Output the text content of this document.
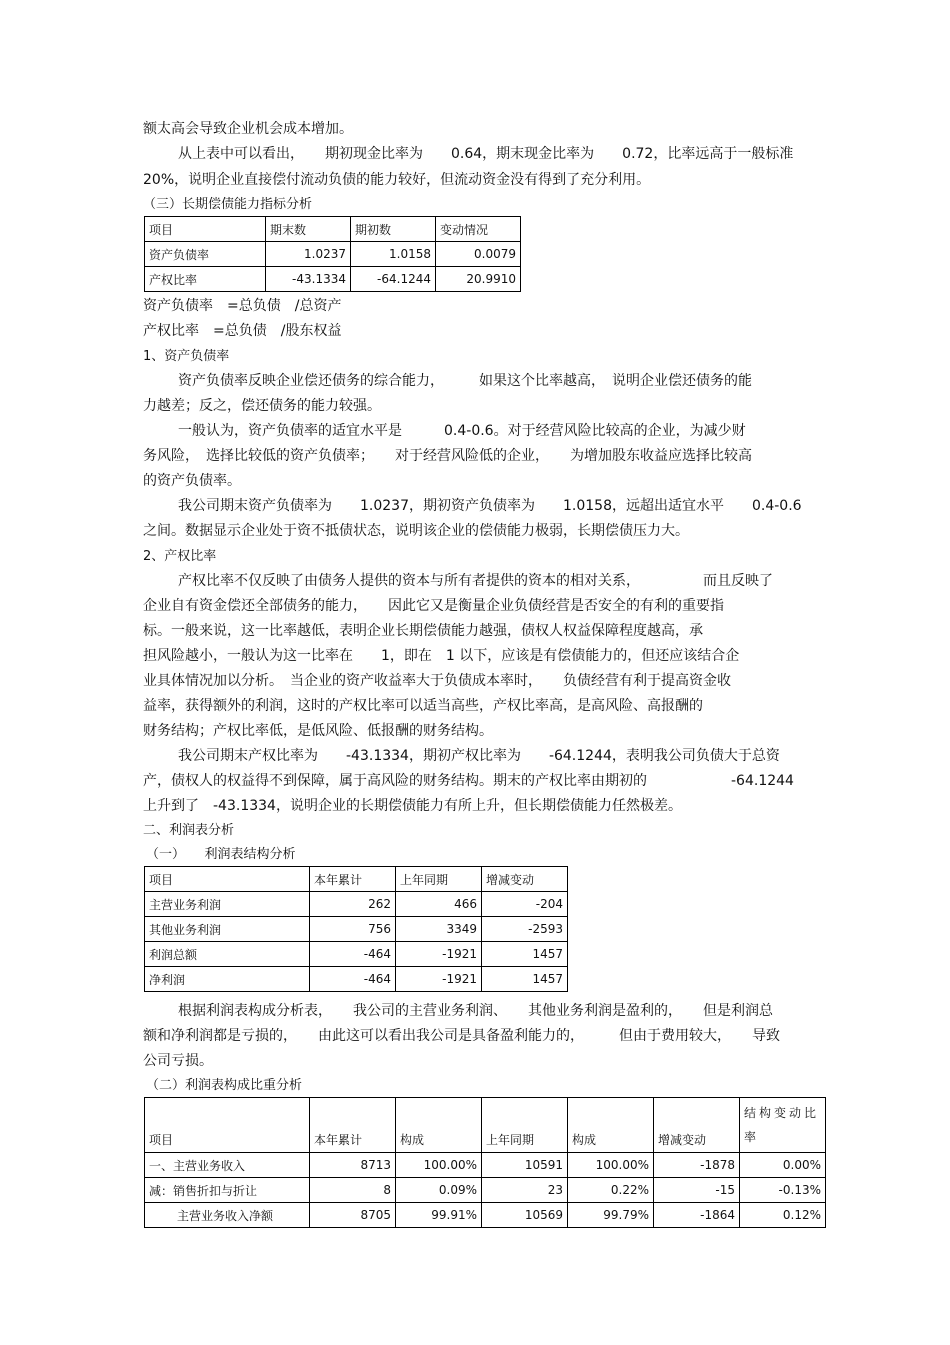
额太高会导致企业机会成本增加。
从上表中可以看出，　　期初现金比率为　　0.64，期末现金比率为　　0.72，比率远高于一般标准
20%，说明企业直接偿付流动负债的能力较好，但流动资金没有得到了充分利用。
（三）长期偿债能力指标分析
项目	期末数	期初数	变动情况
资产负债率	1.0237	1.0158	0.0079
产权比率	-43.1334	-64.1244	20.9910
资产负债率　=总负债　/总资产
产权比率　=总负债　/股东权益
1、资产负债率
资产负债率反映企业偿还债务的综合能力，　　　如果这个比率越高，　说明企业偿还债务的能
力越差；反之，偿还债务的能力较强。
一般认为，资产负债率的适宜水平是　　　0.4-0.6。对于经营风险比较高的企业，为减少财
务风险，　选择比较低的资产负债率；　　对于经营风险低的企业，　　为增加股东收益应选择比较高
的资产负债率。
我公司期末资产负债率为　　1.0237，期初资产负债率为　　1.0158，远超出适宜水平　　0.4-0.6
之间。数据显示企业处于资不抵债状态，说明该企业的偿债能力极弱，长期偿债压力大。
2、产权比率
产权比率不仅反映了由债务人提供的资本与所有者提供的资本的相对关系，　　　　　而且反映了
企业自有资金偿还全部债务的能力，　　因此它又是衡量企业负债经营是否安全的有利的重要指
标。一般来说，这一比率越低，表明企业长期偿债能力越强，债权人权益保障程度越高，承
担风险越小，一般认为这一比率在　　1，即在　1 以下，应该是有偿债能力的，但还应该结合企
业具体情况加以分析。　当企业的资产收益率大于负债成本率时，　　负债经营有利于提高资金收
益率，获得额外的利润，这时的产权比率可以适当高些，产权比率高，是高风险、高报酬的
财务结构；产权比率低，是低风险、低报酬的财务结构。
我公司期末产权比率为　　-43.1334，期初产权比率为　　-64.1244，表明我公司负债大于总资
产，债权人的权益得不到保障，属于高风险的财务结构。期末的产权比率由期初的　　　　　　-64.1244
上升到了　-43.1334，说明企业的长期偿债能力有所上升，但长期偿债能力任然极差。
二、利润表分析
（一）　　利润表结构分析
项目	本年累计	上年同期	增减变动
主营业务利润	262	466	-204
其他业务利润	756	3349	-2593
利润总额	-464	-1921	1457
净利润	-464	-1921	1457
根据利润表构成分析表，　　我公司的主营业务利润、　　其他业务利润是盈利的，　　但是利润总
额和净利润都是亏损的，　　由此这可以看出我公司是具备盈利能力的，　　　但由于费用较大，　　导致
公司亏损。
（二）利润表构成比重分析
项目	本年累计	构成	上年同期	构成	增减变动	结构变动比
率
一、主营业务收入	8713	100.00%	10591	100.00%	-1878	0.00%
减：销售折扣与折让	8	0.09%	23	0.22%	-15	-0.13%
主营业务收入净额	8705	99.91%	10569	99.79%	-1864	0.12%
